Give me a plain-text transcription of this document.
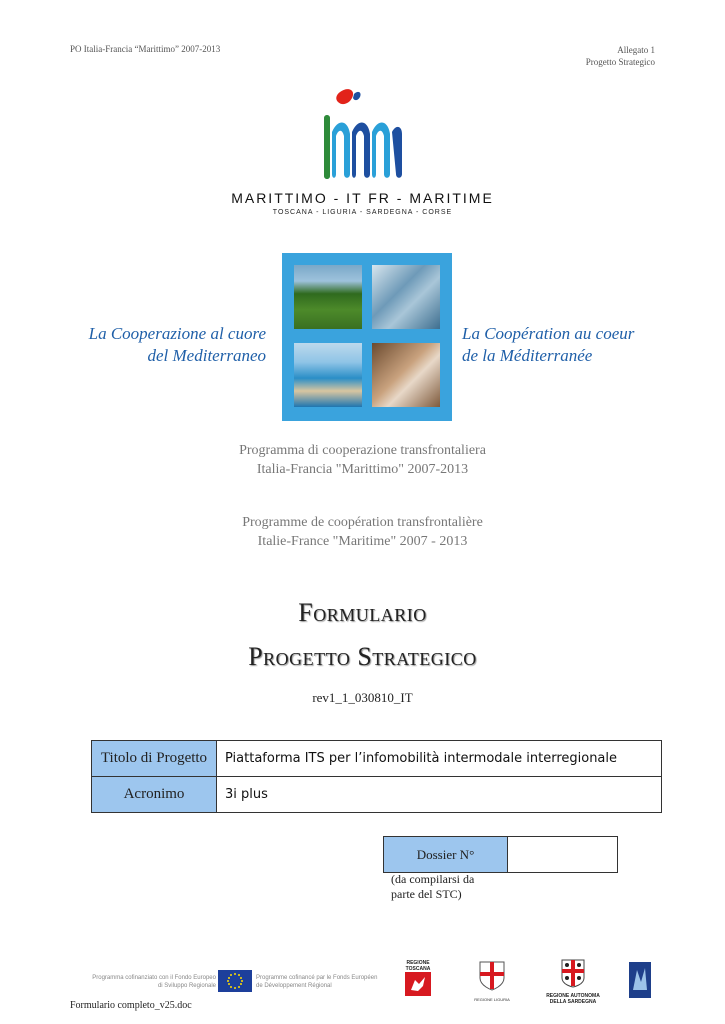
PO Italia-Francia “Marittimo” 2007-2013	Allegato 1
Progetto Strategico
MARITTIMO - IT FR - MARITIME
TOSCANA - LIGURIA - SARDEGNA - CORSE
La Cooperazione al cuore
del Mediterraneo
La Coopération au coeur
de la Méditerranée
Programma di cooperazione transfrontaliera
Italia-Francia "Marittimo" 2007-2013
Programme de coopération transfrontalière
Italie-France "Maritime" 2007 - 2013
Formulario
Progetto Strategico
rev1_1_030810_IT
Titolo di Progetto	Piattaforma ITS per l’infomobilità intermodale interregionale
Acronimo	3i plus
Dossier N°	
(da compilarsi da
parte del STC)
Programma cofinanziato con il Fondo Europeo
di Sviluppo Regionale
Programme cofinancé par le Fonds Européen
de Développement Régional
REGIONE TOSCANA
REGIONE LIGURIA
REGIONE AUTONOMA
DELLA SARDEGNA
Formulario completo_v25.doc
